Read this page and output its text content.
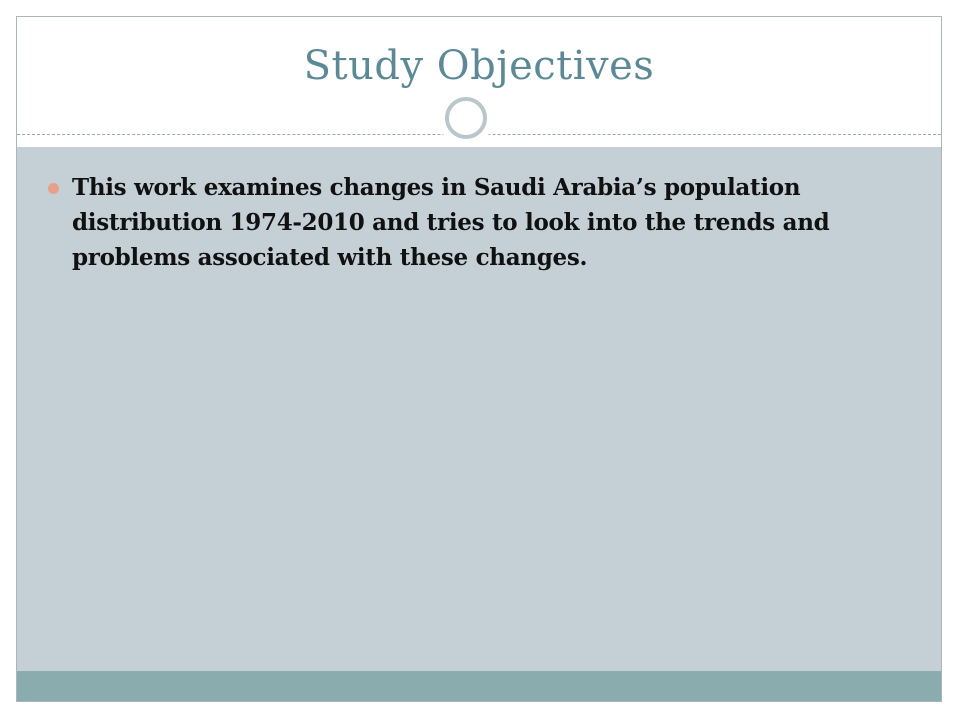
Study Objectives
This work examines changes in Saudi Arabia’s population distribution 1974-2010 and tries to look into the trends and problems associated with these changes.
